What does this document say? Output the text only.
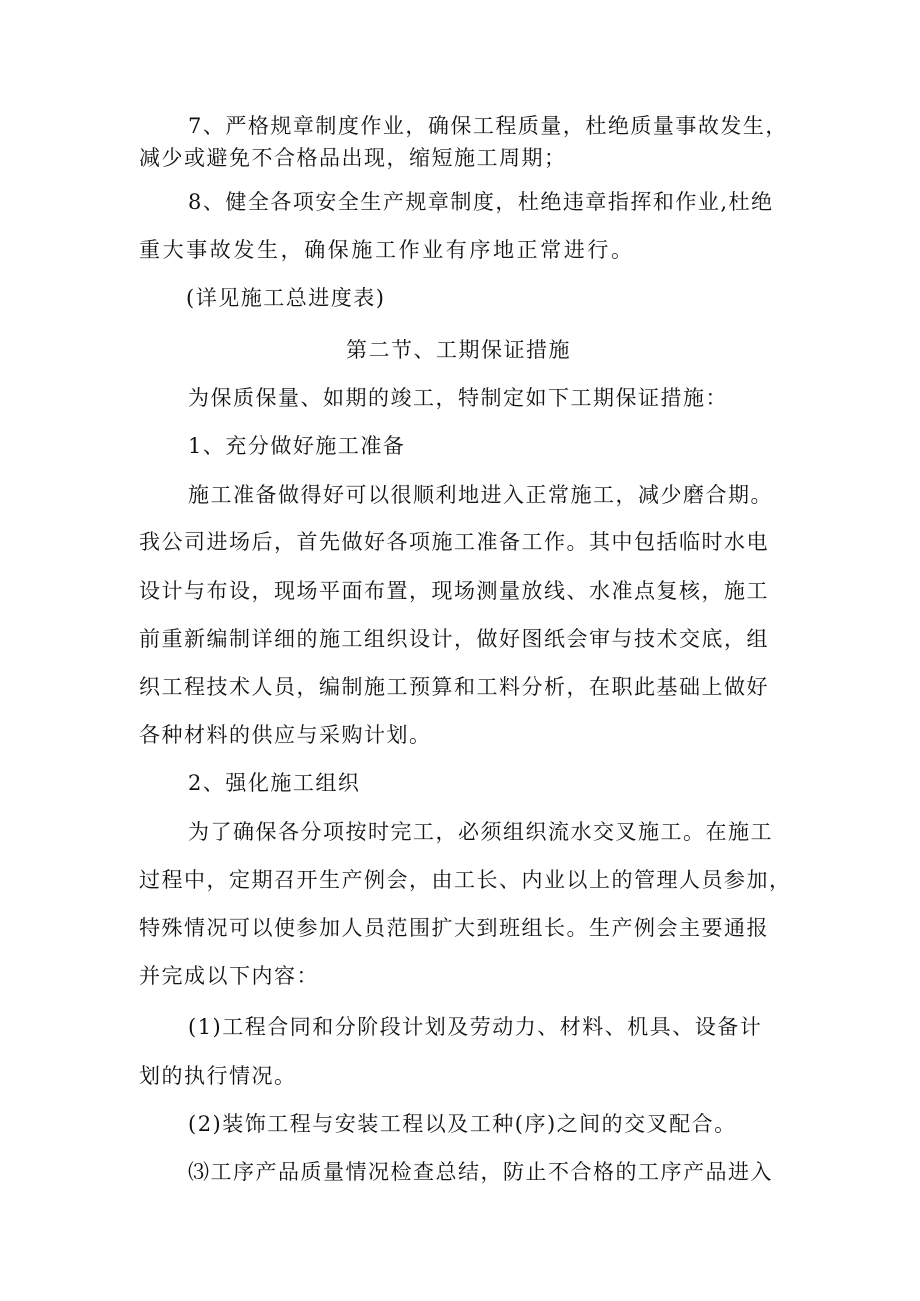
7、严格规章制度作业，确保工程质量，杜绝质量事故发生，
减少或避免不合格品出现，缩短施工周期；
8、健全各项安全生产规章制度，杜绝违章指挥和作业,杜绝
重大事故发生，确保施工作业有序地正常进行。
(详见施工总进度表)
第二节、工期保证措施
为保质保量、如期的竣工，特制定如下工期保证措施：
1、充分做好施工准备
施工准备做得好可以很顺利地进入正常施工，减少磨合期。
我公司进场后，首先做好各项施工准备工作。其中包括临时水电
设计与布设，现场平面布置，现场测量放线、水准点复核，施工
前重新编制详细的施工组织设计，做好图纸会审与技术交底，组
织工程技术人员，编制施工预算和工料分析，在职此基础上做好
各种材料的供应与采购计划。
2、强化施工组织
为了确保各分项按时完工，必须组织流水交叉施工。在施工
过程中，定期召开生产例会，由工长、内业以上的管理人员参加，
特殊情况可以使参加人员范围扩大到班组长。生产例会主要通报
并完成以下内容：
(1)工程合同和分阶段计划及劳动力、材料、机具、设备计
划的执行情况。
(2)装饰工程与安装工程以及工种(序)之间的交叉配合。
⑶工序产品质量情况检查总结，防止不合格的工序产品进入
